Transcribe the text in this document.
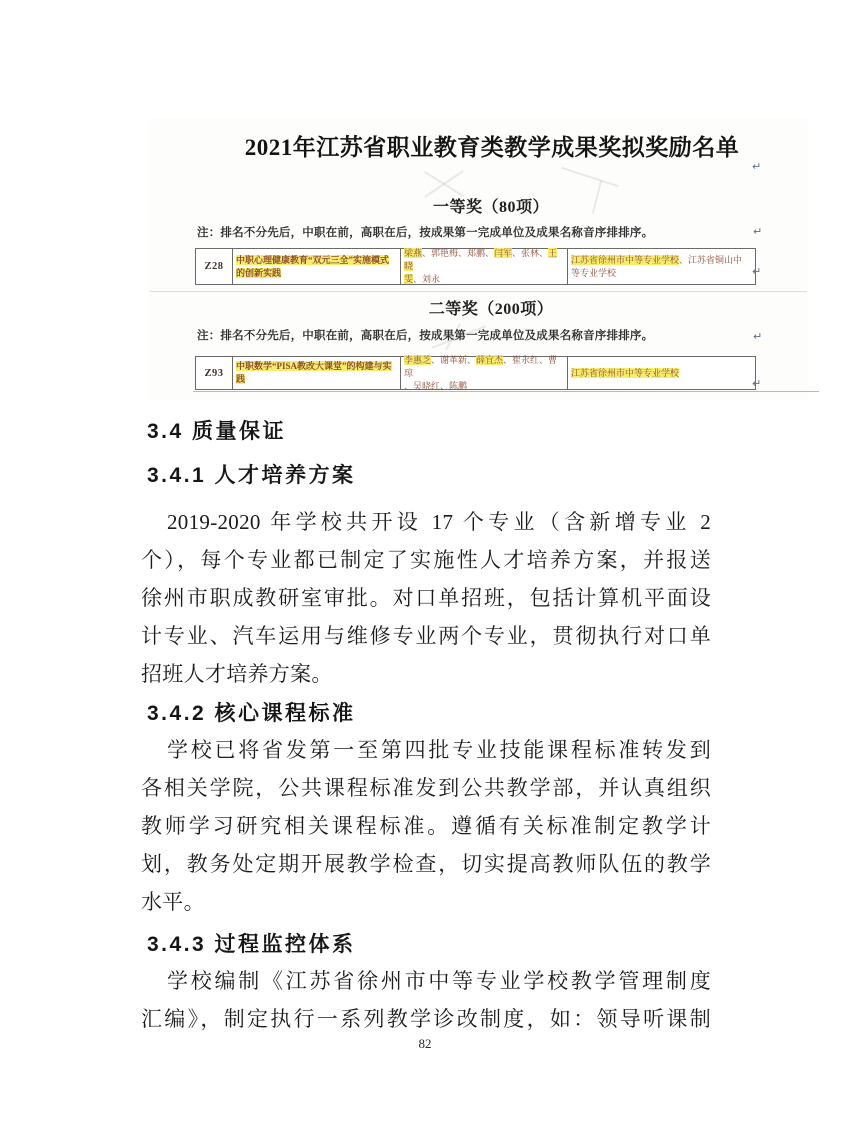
2021年江苏省职业教育类教学成果奖拟奖励名单
一等奖（80项）
注：排名不分先后，中职在前，高职在后，按成果第一完成单位及成果名称音序排排序。
Z28
中职心理健康教育“双元三全”实施模式
的创新实践
梁燕、郭艳梅、郑鹏、闫军、张林、王晓
雯、刘永
江苏省徐州市中等专业学校、江苏省铜山中
等专业学校
二等奖（200项）
注：排名不分先后，中职在前，高职在后，按成果第一完成单位及成果名称音序排排序。
Z93
中职数学“PISA教改大课堂”的构建与实
践
李惠芝、谢革新、薛宜杰、崔永红、曹琼
、吴晓红、陈鹏
江苏省徐州市中等专业学校
↵
↵
↵
↵
↵
3.4 质量保证
3.4.1 人才培养方案
2019-2020 年学校共开设 17 个专业（含新增专业 2
个），每个专业都已制定了实施性人才培养方案，并报送
徐州市职成教研室审批。对口单招班，包括计算机平面设
计专业、汽车运用与维修专业两个专业，贯彻执行对口单
招班人才培养方案。
3.4.2 核心课程标准
学校已将省发第一至第四批专业技能课程标准转发到
各相关学院，公共课程标准发到公共教学部，并认真组织
教师学习研究相关课程标准。遵循有关标准制定教学计
划，教务处定期开展教学检查，切实提高教师队伍的教学
水平。
3.4.3 过程监控体系
学校编制《江苏省徐州市中等专业学校教学管理制度
汇编》，制定执行一系列教学诊改制度，如：领导听课制
82
